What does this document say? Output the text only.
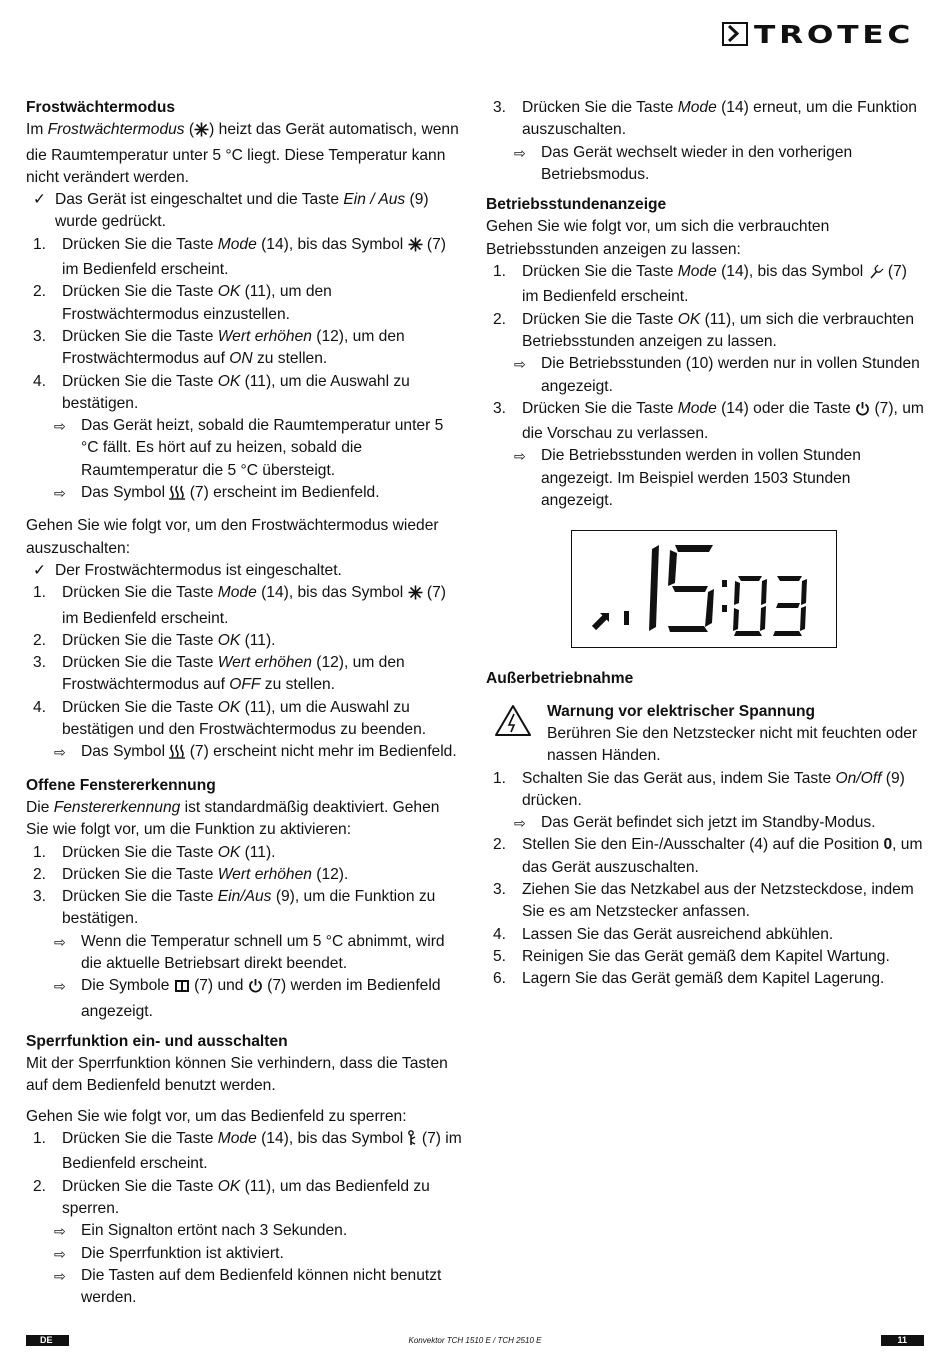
TROTEC

Frostwächtermodus

Im Frostwächtermodus ( ) heizt das Gerät automatisch, wenn die Raumtemperatur unter 5 °C liegt. Diese Temperatur kann nicht verändert werden.

✓ Das Gerät ist eingeschaltet und die Taste Ein / Aus (9) wurde gedrückt.

1. Drücken Sie die Taste Mode (14), bis das Symbol  (7) im Bedienfeld erscheint.

2. Drücken Sie die Taste OK (11), um den Frostwächtermodus einzustellen.

3. Drücken Sie die Taste Wert erhöhen (12), um den Frostwächtermodus auf ON zu stellen.

4. Drücken Sie die Taste OK (11), um die Auswahl zu bestätigen.

⇨ Das Gerät heizt, sobald die Raumtemperatur unter 5 °C fällt. Es hört auf zu heizen, sobald die Raumtemperatur die 5 °C übersteigt.

⇨ Das Symbol  (7) erscheint im Bedienfeld.

Gehen Sie wie folgt vor, um den Frostwächtermodus wieder auszuschalten:

✓ Der Frostwächtermodus ist eingeschaltet.

1. Drücken Sie die Taste Mode (14), bis das Symbol  (7) im Bedienfeld erscheint.

2. Drücken Sie die Taste OK (11).

3. Drücken Sie die Taste Wert erhöhen (12), um den Frostwächtermodus auf OFF zu stellen.

4. Drücken Sie die Taste OK (11), um die Auswahl zu bestätigen und den Frostwächtermodus zu beenden.

⇨ Das Symbol  (7) erscheint nicht mehr im Bedienfeld.

Offene Fenstererkennung

Die Fenstererkennung ist standardmäßig deaktiviert. Gehen Sie wie folgt vor, um die Funktion zu aktivieren:

1. Drücken Sie die Taste OK (11).

2. Drücken Sie die Taste Wert erhöhen (12).

3. Drücken Sie die Taste Ein/Aus (9), um die Funktion zu bestätigen.

⇨ Wenn die Temperatur schnell um 5 °C abnimmt, wird die aktuelle Betriebsart direkt beendet.

⇨ Die Symbole  (7) und  (7) werden im Bedienfeld angezeigt.

Sperrfunktion ein- und ausschalten

Mit der Sperrfunktion können Sie verhindern, dass die Tasten auf dem Bedienfeld benutzt werden.

Gehen Sie wie folgt vor, um das Bedienfeld zu sperren:

1. Drücken Sie die Taste Mode (14), bis das Symbol  (7) im Bedienfeld erscheint.

2. Drücken Sie die Taste OK (11), um das Bedienfeld zu sperren.

⇨ Ein Signalton ertönt nach 3 Sekunden.

⇨ Die Sperrfunktion ist aktiviert.

⇨ Die Tasten auf dem Bedienfeld können nicht benutzt werden.

3. Drücken Sie die Taste Mode (14) erneut, um die Funktion auszuschalten.

⇨ Das Gerät wechselt wieder in den vorherigen Betriebsmodus.

Betriebsstundenanzeige

Gehen Sie wie folgt vor, um sich die verbrauchten Betriebsstunden anzeigen zu lassen:

1. Drücken Sie die Taste Mode (14), bis das Symbol  (7) im Bedienfeld erscheint.

2. Drücken Sie die Taste OK (11), um sich die verbrauchten Betriebsstunden anzeigen zu lassen.

⇨ Die Betriebsstunden (10) werden nur in vollen Stunden angezeigt.

3. Drücken Sie die Taste Mode (14) oder die Taste  (7), um die Vorschau zu verlassen.

⇨ Die Betriebsstunden werden in vollen Stunden angezeigt. Im Beispiel werden 1503 Stunden angezeigt.

Außerbetriebnahme

Warnung vor elektrischer Spannung

Berühren Sie den Netzstecker nicht mit feuchten oder nassen Händen.

1. Schalten Sie das Gerät aus, indem Sie Taste On/Off (9) drücken.

⇨ Das Gerät befindet sich jetzt im Standby-Modus.

2. Stellen Sie den Ein-/Ausschalter (4) auf die Position 0, um das Gerät auszuschalten.

3. Ziehen Sie das Netzkabel aus der Netzsteckdose, indem Sie es am Netzstecker anfassen.

4. Lassen Sie das Gerät ausreichend abkühlen.

5. Reinigen Sie das Gerät gemäß dem Kapitel Wartung.

6. Lagern Sie das Gerät gemäß dem Kapitel Lagerung.

DE	Konvektor TCH 1510 E / TCH 2510 E	11
